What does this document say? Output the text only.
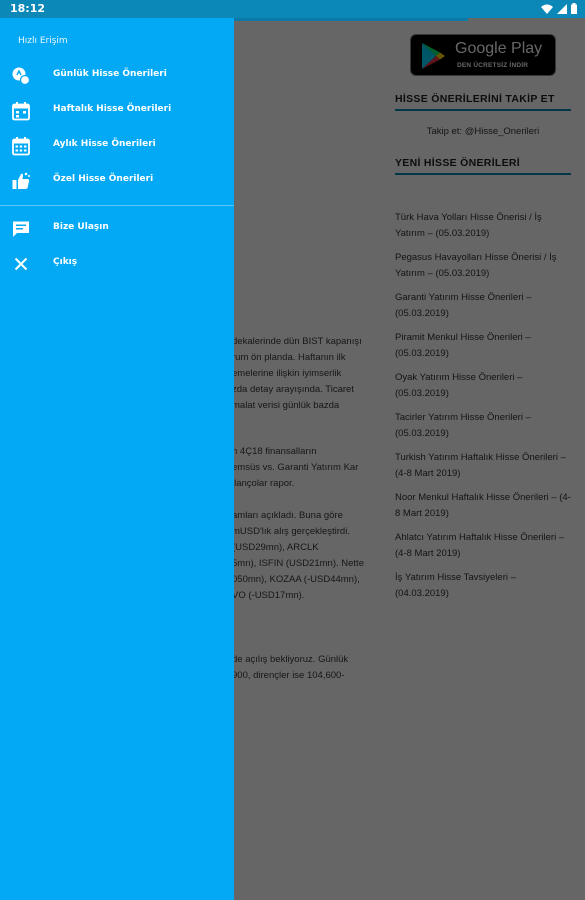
18:12
Hızlı Erişim
Günlük Hisse Önerileri
Haftalık Hisse Önerileri
Aylık Hisse Önerileri
Özel Hisse Önerileri
Bize Ulaşın
Çıkış
